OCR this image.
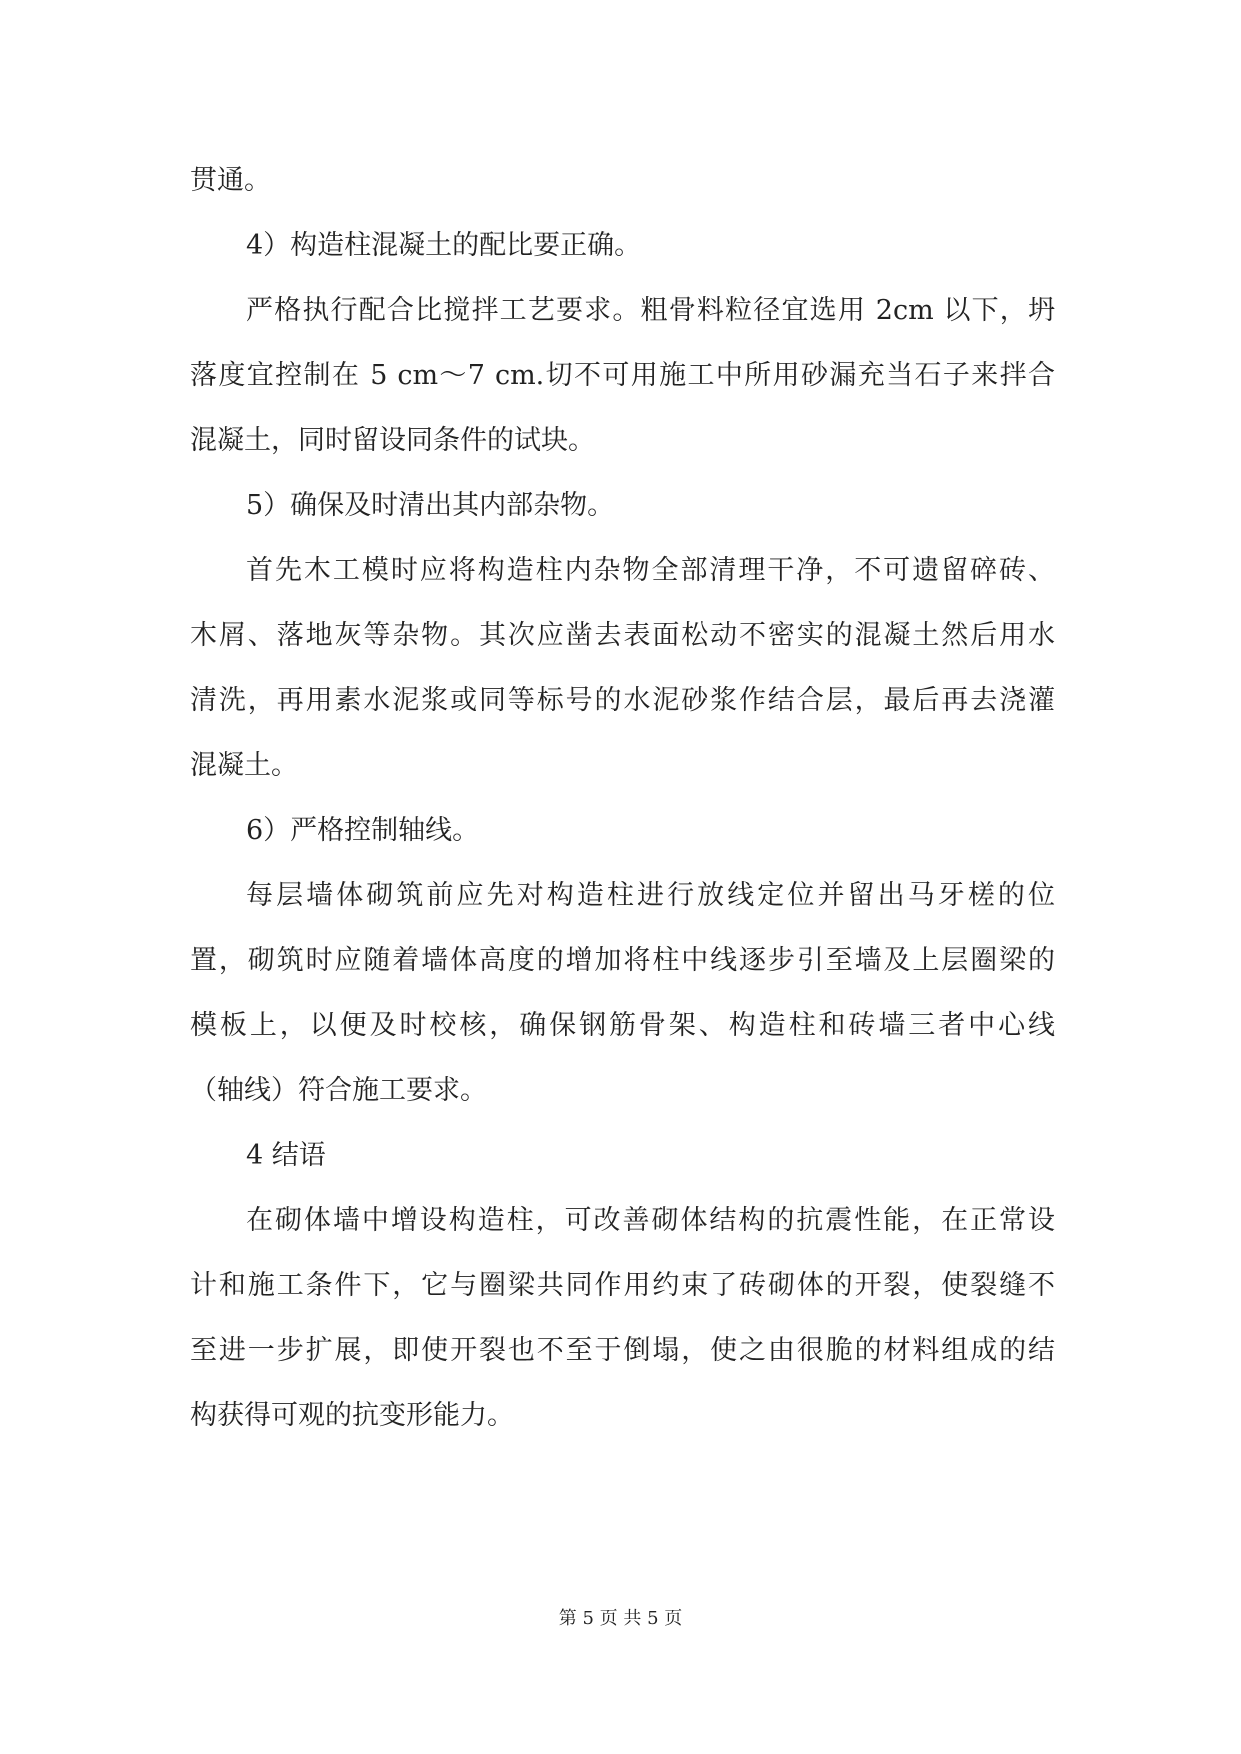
贯通。

4）构造柱混凝土的配比要正确。

严格执行配合比搅拌工艺要求。粗骨料粒径宜选用 2cm 以下，坍

落度宜控制在 5 cm～7 cm.切不可用施工中所用砂漏充当石子来拌合

混凝土，同时留设同条件的试块。

5）确保及时清出其内部杂物。

首先木工模时应将构造柱内杂物全部清理干净，不可遗留碎砖、

木屑、落地灰等杂物。其次应凿去表面松动不密实的混凝土然后用水

清洗，再用素水泥浆或同等标号的水泥砂浆作结合层，最后再去浇灌

混凝土。

6）严格控制轴线。

每层墙体砌筑前应先对构造柱进行放线定位并留出马牙槎的位

置，砌筑时应随着墙体高度的增加将柱中线逐步引至墙及上层圈梁的

模板上，以便及时校核，确保钢筋骨架、构造柱和砖墙三者中心线

（轴线）符合施工要求。

4 结语

在砌体墙中增设构造柱，可改善砌体结构的抗震性能，在正常设

计和施工条件下，它与圈梁共同作用约束了砖砌体的开裂，使裂缝不

至进一步扩展，即使开裂也不至于倒塌，使之由很脆的材料组成的结

构获得可观的抗变形能力。

第 5 页 共 5 页
